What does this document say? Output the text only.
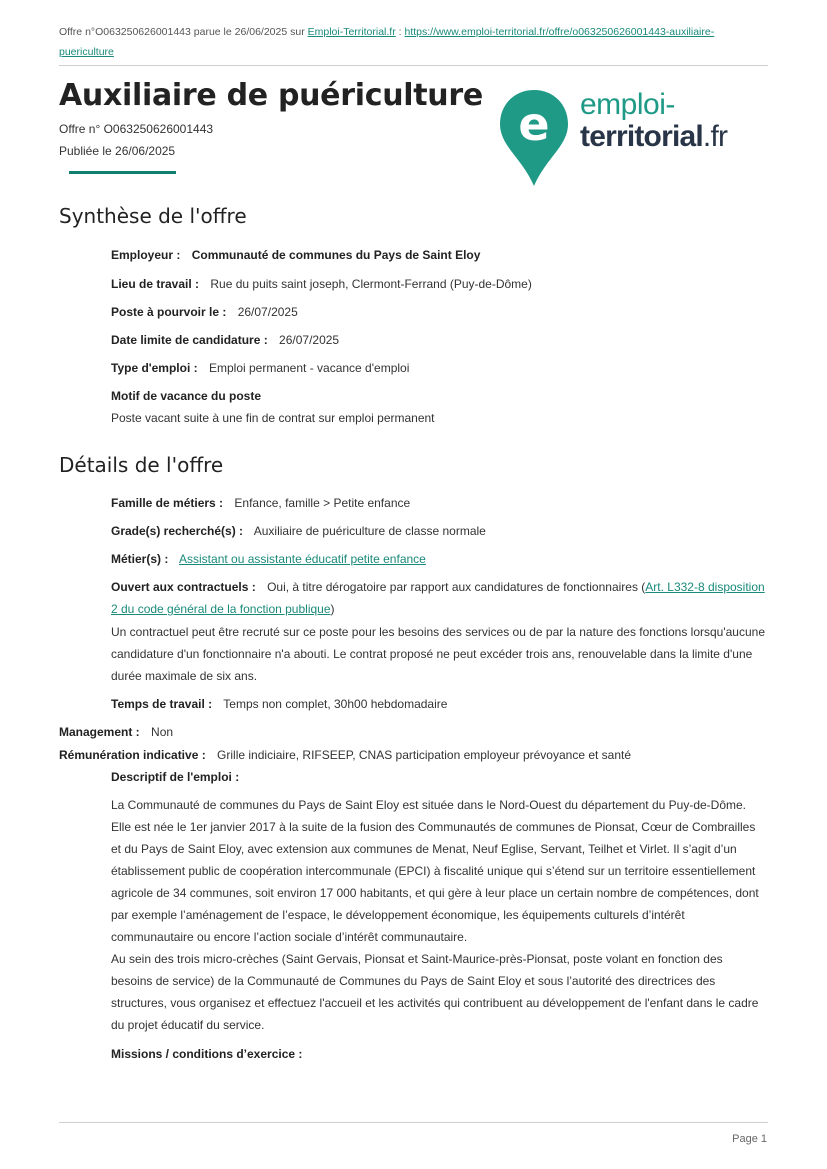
Offre n°O063250626001443 parue le 26/06/2025 sur Emploi-Territorial.fr : https://www.emploi-territorial.fr/offre/o063250626001443-auxiliaire-puericulture
Auxiliaire de puériculture
Offre n° O063250626001443
Publiée le 26/06/2025	e emploi-
territorial.fr
Synthèse de l'offre
Employeur : Communauté de communes du Pays de Saint Eloy
Lieu de travail : Rue du puits saint joseph, Clermont-Ferrand (Puy-de-Dôme)
Poste à pourvoir le : 26/07/2025
Date limite de candidature : 26/07/2025
Type d'emploi : Emploi permanent - vacance d'emploi
Motif de vacance du poste
Poste vacant suite à une fin de contrat sur emploi permanent
Détails de l'offre
Famille de métiers : Enfance, famille > Petite enfance
Grade(s) recherché(s) : Auxiliaire de puériculture de classe normale
Métier(s) : Assistant ou assistante éducatif petite enfance
Ouvert aux contractuels : Oui, à titre dérogatoire par rapport aux candidatures de fonctionnaires (Art. L332-8 disposition 2 du code général de la fonction publique)

Un contractuel peut être recruté sur ce poste pour les besoins des services ou de par la nature des fonctions lorsqu'aucune candidature d'un fonctionnaire n'a abouti. Le contrat proposé ne peut excéder trois ans, renouvelable dans la limite d'une durée maximale de six ans.

Temps de travail : Temps non complet, 30h00 hebdomadaire
Management : Non
Rémunération indicative : Grille indiciaire, RIFSEEP, CNAS participation employeur prévoyance et santé
Descriptif de l'emploi :

La Communauté de communes du Pays de Saint Eloy est située dans le Nord-Ouest du département du Puy-de-Dôme. Elle est née le 1er janvier 2017 à la suite de la fusion des Communautés de communes de Pionsat, Cœur de Combrailles et du Pays de Saint Eloy, avec extension aux communes de Menat, Neuf Eglise, Servant, Teilhet et Virlet. Il s’agit d’un établissement public de coopération intercommunale (EPCI) à fiscalité unique qui s’étend sur un territoire essentiellement agricole de 34 communes, soit environ 17 000 habitants, et qui gère à leur place un certain nombre de compétences, dont par exemple l’aménagement de l’espace, le développement économique, les équipements culturels d’intérêt communautaire ou encore l’action sociale d’intérêt communautaire.

Au sein des trois micro-crèches (Saint Gervais, Pionsat et Saint-Maurice-près-Pionsat, poste volant en fonction des besoins de service) de la Communauté de Communes du Pays de Saint Eloy et sous l’autorité des directrices des structures, vous organisez et effectuez l'accueil et les activités qui contribuent au développement de l'enfant dans le cadre du projet éducatif du service.

Missions / conditions d’exercice :
Page 1
